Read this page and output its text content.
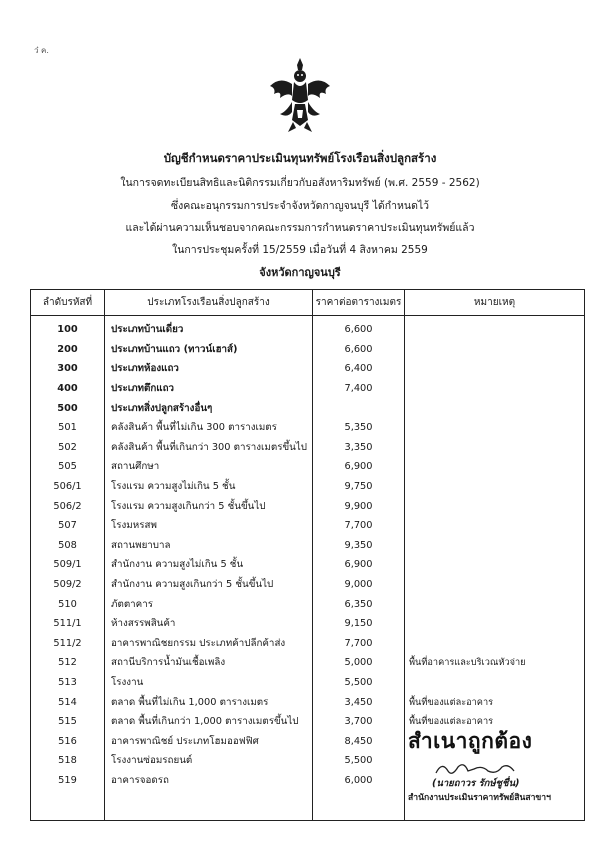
ว๋ ค.
บัญชีกำหนดราคาประเมินทุนทรัพย์โรงเรือนสิ่งปลูกสร้าง
ในการจดทะเบียนสิทธิและนิติกรรมเกี่ยวกับอสังหาริมทรัพย์ (พ.ศ. 2559 - 2562)
ซึ่งคณะอนุกรรมการประจำจังหวัดกาญจนบุรี ได้กำหนดไว้
และได้ผ่านความเห็นชอบจากคณะกรรมการกำหนดราคาประเมินทุนทรัพย์แล้ว
ในการประชุมครั้งที่ 15/2559 เมื่อวันที่ 4 สิงหาคม 2559
จังหวัดกาญจนบุรี
ลำดับรหัสที่	ประเภทโรงเรือนสิ่งปลูกสร้าง	ราคาต่อตารางเมตร	หมายเหตุ
100	ประเภทบ้านเดี่ยว	6,600	
200	ประเภทบ้านแถว (ทาวน์เฮาส์)	6,600	
300	ประเภทห้องแถว	6,400	
400	ประเภทตึกแถว	7,400	
500	ประเภทสิ่งปลูกสร้างอื่นๆ		
501	คลังสินค้า พื้นที่ไม่เกิน 300 ตารางเมตร	5,350	
502	คลังสินค้า พื้นที่เกินกว่า 300 ตารางเมตรขึ้นไป	3,350	
505	สถานศึกษา	6,900	
506/1	โรงแรม ความสูงไม่เกิน 5 ชั้น	9,750	
506/2	โรงแรม ความสูงเกินกว่า 5 ชั้นขึ้นไป	9,900	
507	โรงมหรสพ	7,700	
508	สถานพยาบาล	9,350	
509/1	สำนักงาน ความสูงไม่เกิน 5 ชั้น	6,900	
509/2	สำนักงาน ความสูงเกินกว่า 5 ชั้นขึ้นไป	9,000	
510	ภัตตาคาร	6,350	
511/1	ห้างสรรพสินค้า	9,150	
511/2	อาคารพาณิชยกรรม ประเภทค้าปลีกค้าส่ง	7,700	
512	สถานีบริการน้ำมันเชื้อเพลิง	5,000	พื้นที่อาคารและบริเวณหัวจ่าย
513	โรงงาน	5,500	
514	ตลาด พื้นที่ไม่เกิน 1,000 ตารางเมตร	3,450	พื้นที่ของแต่ละอาคาร
515	ตลาด พื้นที่เกินกว่า 1,000 ตารางเมตรขึ้นไป	3,700	พื้นที่ของแต่ละอาคาร
516	อาคารพาณิชย์ ประเภทโฮมออฟฟิศ	8,450	
518	โรงงานซ่อมรถยนต์	5,500	
519	อาคารจอดรถ	6,000	

สำเนาถูกต้อง
(นายถาวร รักษ์ชูชื่น)
สำนักงานประเมินราคาทรัพย์สินสาขาฯ
